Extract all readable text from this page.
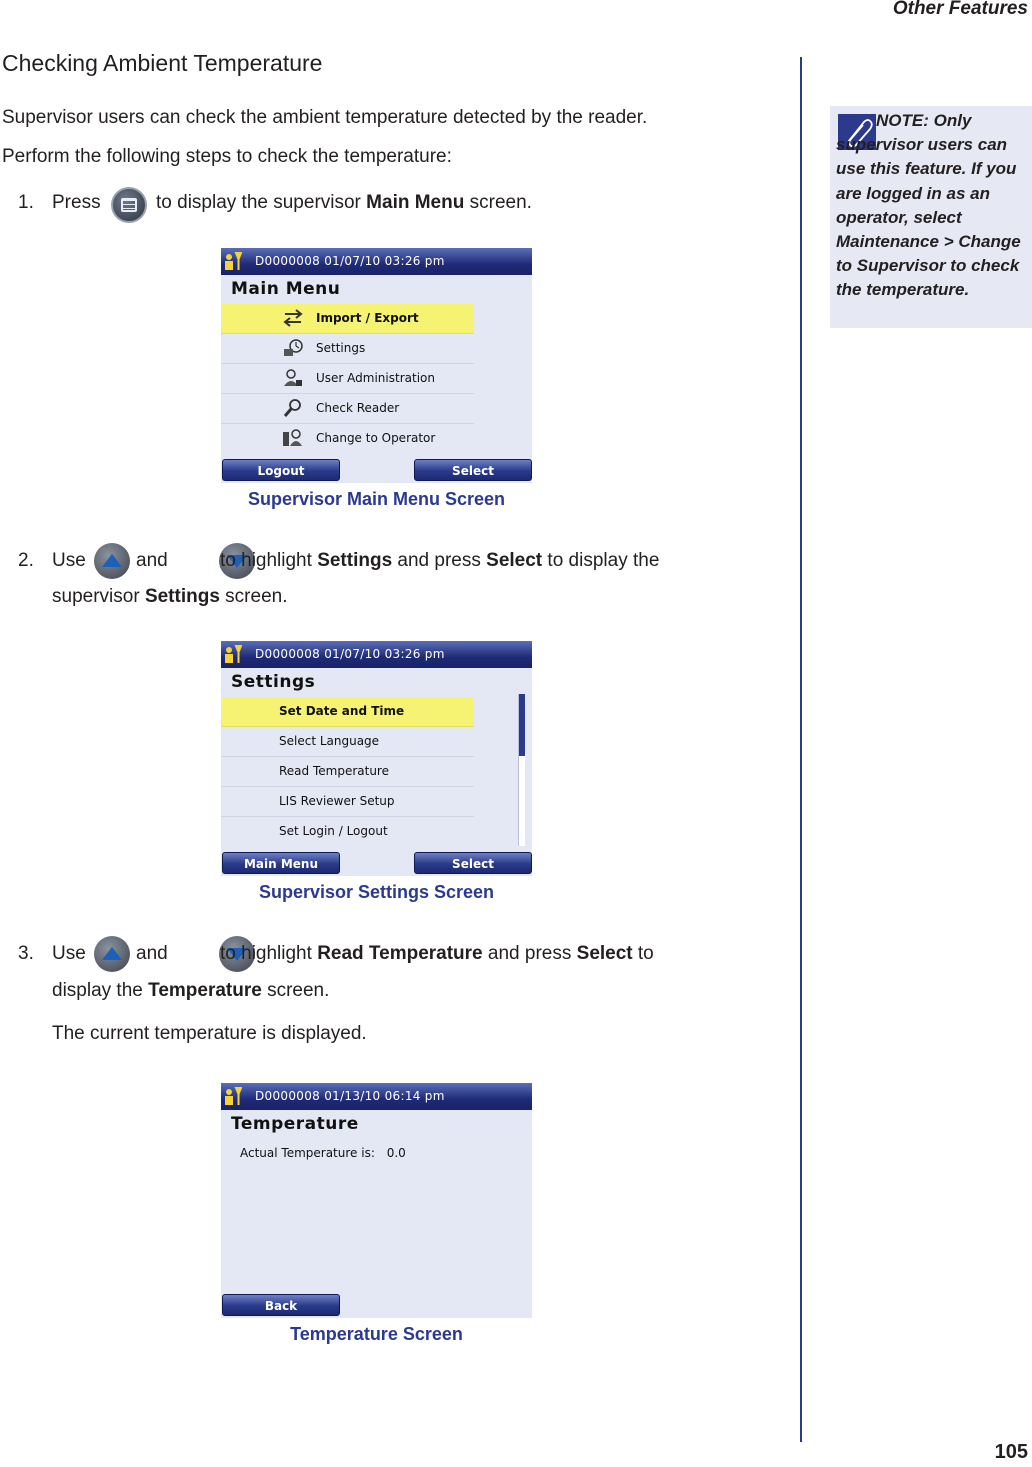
Other Features
Checking Ambient Temperature
Supervisor users can check the ambient temperature detected by the reader.
Perform the following steps to check the temperature:
1. Press	to display the supervisor Main Menu screen.
D0000008 01/07/10 03:26 pm
Main Menu
Import / Export
Settings
User Administration
Check Reader
Change to Operator
Logout	Select
Supervisor Main Menu Screen
2. Use
	and	to highlight Settings and press Select to display the
supervisor Settings screen.
D0000008 01/07/10 03:26 pm
Settings
Set Date and Time
Select Language
Read Temperature
LIS Reviewer Setup
Set Login / Logout
Main Menu	Select
Supervisor Settings Screen
3. Use
	and	to highlight Read Temperature and press Select to
display the Temperature screen.
The current temperature is displayed.
D0000008 01/13/10 06:14 pm
Temperature
Actual Temperature is: 0.0
Back
Temperature Screen
NOTE: Only supervisor users can use this feature. If you are logged in as an operator, select Maintenance > Change to Supervisor to check the temperature.
105
